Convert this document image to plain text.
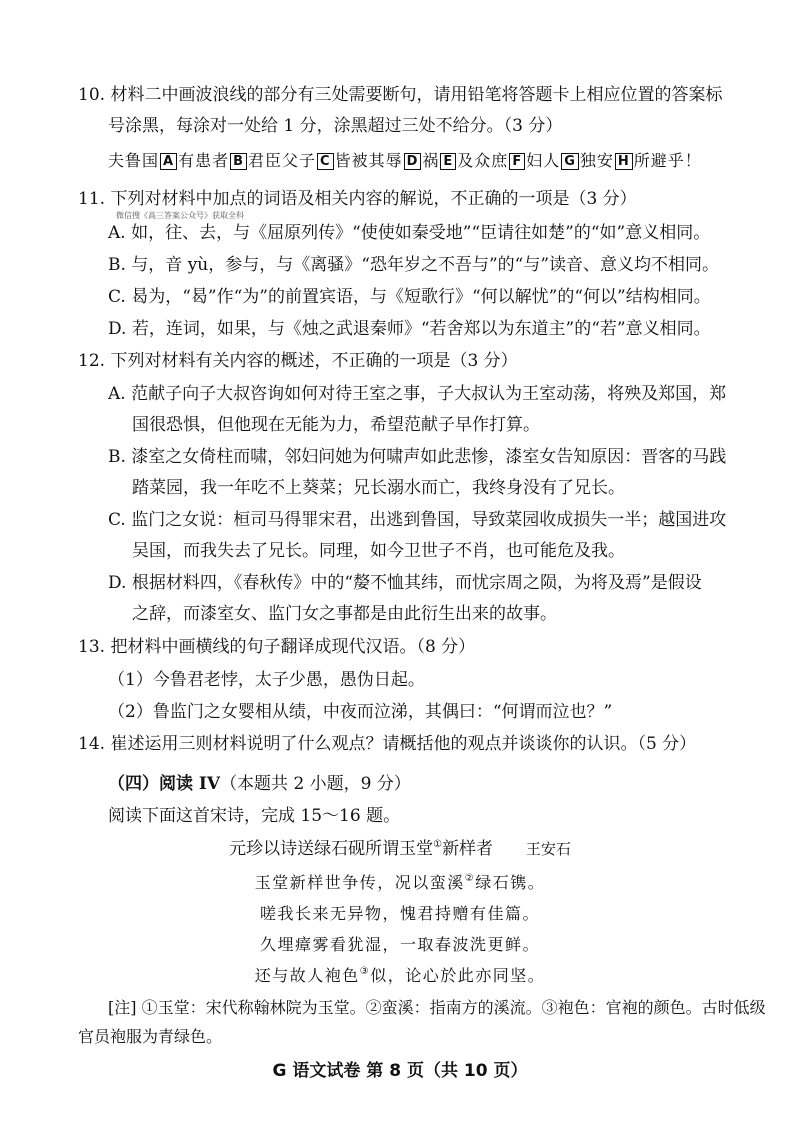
10. 材料二中画波浪线的部分有三处需要断句，请用铅笔将答题卡上相应位置的答案标
号涂黑，每涂对一处给 1 分，涂黑超过三处不给分。（3 分）
夫鲁国 A 有患者 B 君臣父子 C 皆被其辱 D 祸 E 及众庶 F 妇人 G 独安 H 所避乎！
11. 下列对材料中加点的词语及相关内容的解说，不正确的一项是（3 分）
微信搜《高三答案公众号》获取全科
A. 如，往、去，与《屈原列传》“使使如秦受地”“臣请往如楚”的“如”意义相同。
B. 与，音 yù，参与，与《离骚》“恐年岁之不吾与”的“与”读音、意义均不相同。
C. 曷为，“曷”作“为”的前置宾语，与《短歌行》“何以解忧”的“何以”结构相同。
D. 若，连词，如果，与《烛之武退秦师》“若舍郑以为东道主”的“若”意义相同。
12. 下列对材料有关内容的概述，不正确的一项是（3 分）
A. 范献子向子大叔咨询如何对待王室之事，子大叔认为王室动荡，将殃及郑国，郑
国很恐惧，但他现在无能为力，希望范献子早作打算。
B. 漆室之女倚柱而啸，邻妇问她为何啸声如此悲惨，漆室女告知原因：晋客的马践
踏菜园，我一年吃不上葵菜；兄长溺水而亡，我终身没有了兄长。
C. 监门之女说：桓司马得罪宋君，出逃到鲁国，导致菜园收成损失一半；越国进攻
吴国，而我失去了兄长。同理，如今卫世子不肖，也可能危及我。
D. 根据材料四，《春秋传》中的“嫠不恤其纬，而忧宗周之陨，为将及焉”是假设
之辞，而漆室女、监门女之事都是由此衍生出来的故事。
13. 把材料中画横线的句子翻译成现代汉语。（8 分）
（1）今鲁君老悖，太子少愚，愚伪日起。
（2）鲁监门之女婴相从绩，中夜而泣涕，其偶曰：“何谓而泣也？”
14. 崔述运用三则材料说明了什么观点？请概括他的观点并谈谈你的认识。（5 分）
（四）阅读 IV（本题共 2 小题，9 分）
阅读下面这首宋诗，完成 15～16 题。
元珍以诗送绿石砚所谓玉堂①新样者 王安石
玉堂新样世争传，况以蛮溪②绿石镌。
嗟我长来无异物，愧君持赠有佳篇。
久埋瘴雾看犹湿，一取春波洗更鲜。
还与故人袍色③似，论心於此亦同坚。
[注] ①玉堂：宋代称翰林院为玉堂。②蛮溪：指南方的溪流。③袍色：官袍的颜色。古时低级
官员袍服为青绿色。
G 语文试卷 第 8 页（共 10 页）
